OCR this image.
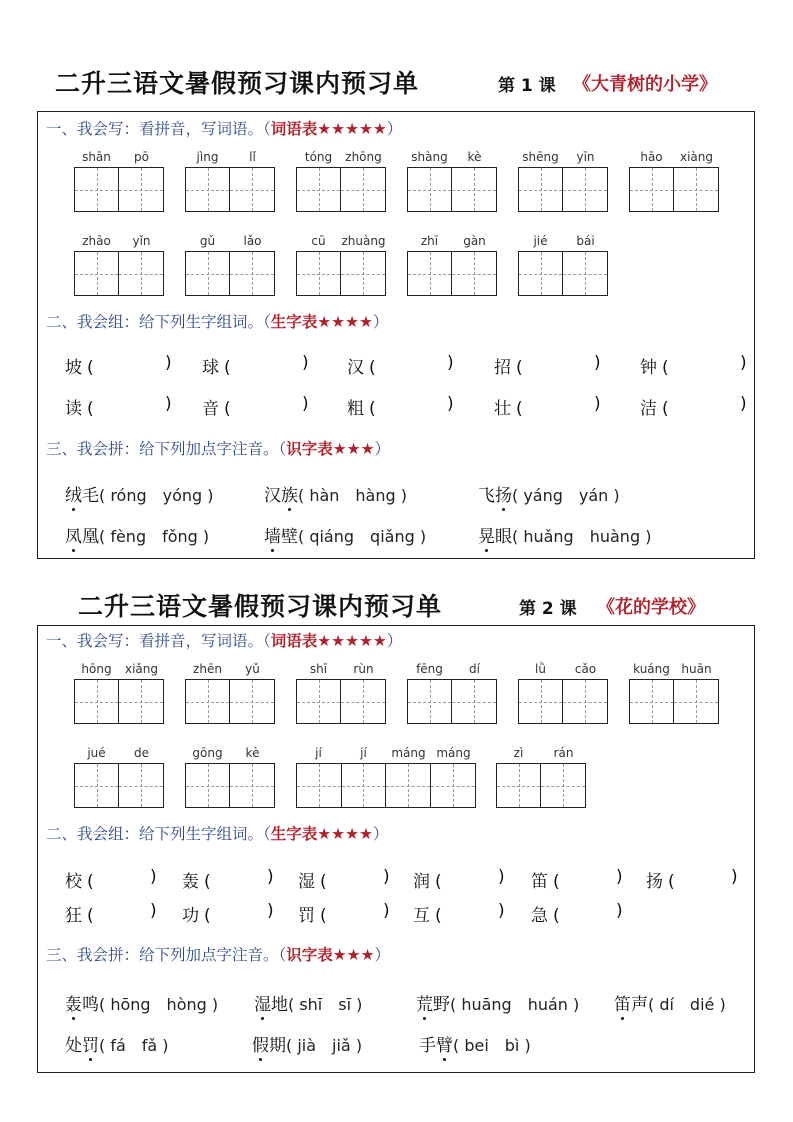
二升三语文暑假预习课内预习单	第 1 课 《大青树的小学》
一、我会写：看拼音，写词语。（词语表★★★★★）
二、我会组：给下列生字组词。（生字表★★★★）
三、我会拼：给下列加点字注音。（识字表★★★）
shān	pō	jìng	lǐ	tóng	zhōng	shàng	kè	shēng	yīn	hāo	xiàng
zhāo	yǐn	gǔ	lǎo	cū	zhuàng	zhī	gàn	jié	bái
坡 (	) 球 (	) 汉 (	) 招 (	) 钟 (	)
读 (	) 音 (	) 粗 (	) 壮 (	) 洁 (	)
绒毛( róng　yóng )	汉族( hàn　hàng )	飞扬( yáng　yán )
凤凰( fèng　fǒng )	墙壁( qiáng　qiǎng )	晃眼( huǎng　huàng )
二升三语文暑假预习课内预习单	第 2 课 《花的学校》
一、我会写：看拼音，写词语。（词语表★★★★★）
二、我会组：给下列生字组词。（生字表★★★★）
三、我会拼：给下列加点字注音。（识字表★★★）
hōng	xiǎng	zhēn	yǔ	shī	rùn	fēng	dí	lǜ	cǎo	kuáng huān
jué	de	gōng	kè	jí	jí	máng máng	zì	rán
校 (	) 轰 (	) 湿 (	) 润 (	) 笛 (	) 扬 (	)
狂 (	) 功 (	) 罚 (	) 互 (	) 急 (	)
轰鸣( hōng　hòng ) 湿地( shī　sī )	荒野( huāng　huán ) 笛声( dí　dié )
处罚( fá　fǎ )	假期( jià　jiǎ )	手臂( bei　bì )
